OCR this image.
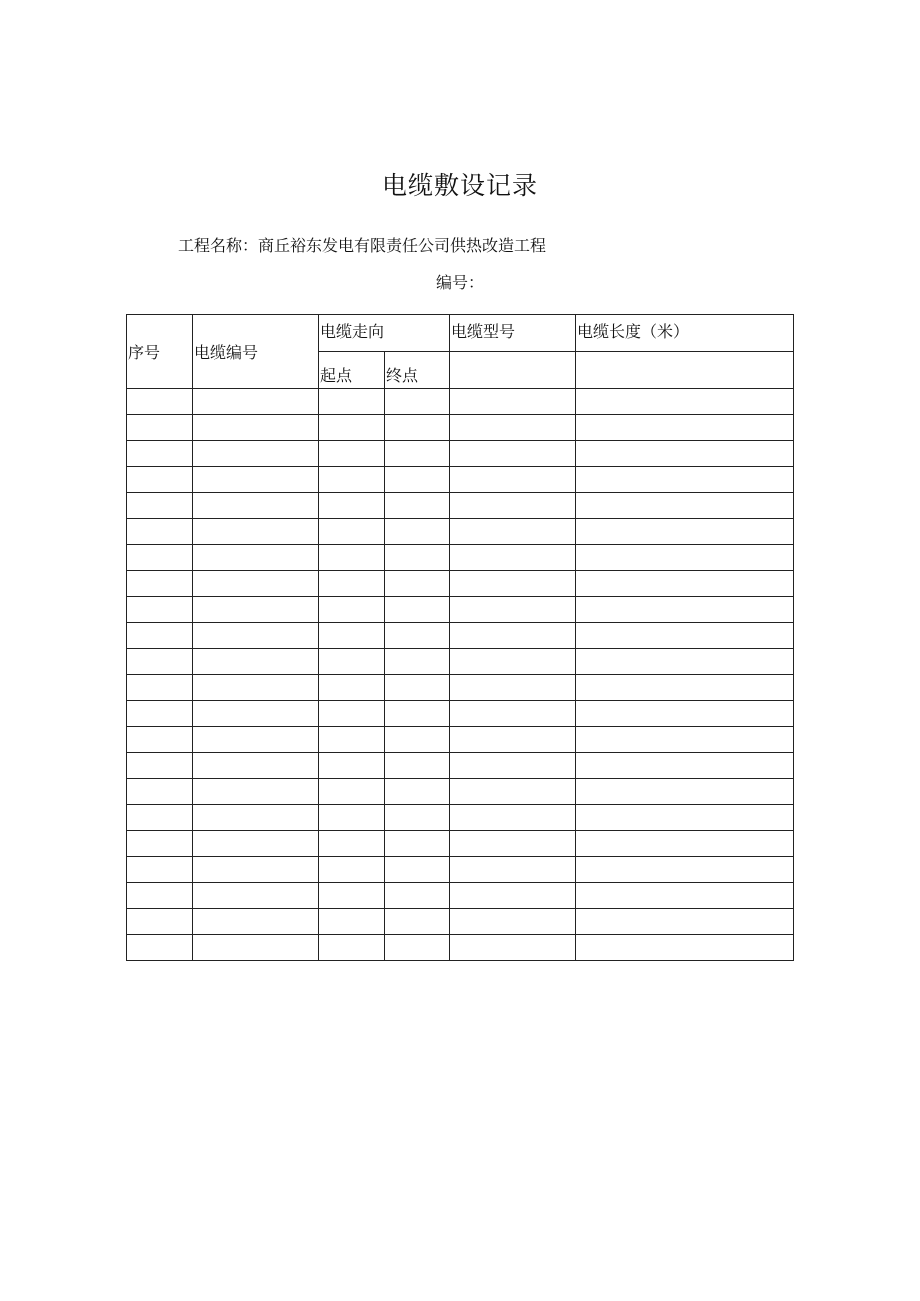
电缆敷设记录
工程名称：商丘裕东发电有限责任公司供热改造工程
编号：
序号	电缆编号	电缆走向		电缆型号	电缆长度（米）
		起点	终点		
